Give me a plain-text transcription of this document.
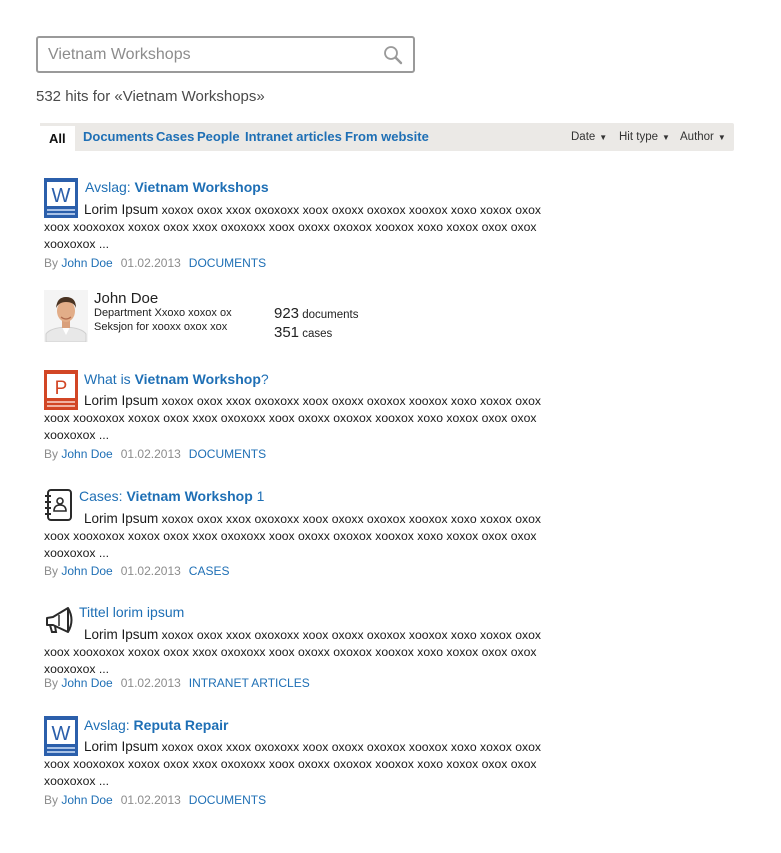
Vietnam Workshops
532 hits for «Vietnam Workshops»
All	Documents Cases People Intranet articles From website	Date ▼ Hit type ▼ Author ▼
W Avslag: Vietnam Workshops
Lorim Ipsum xoxox oxox xxox oxoxoxx xoox oxoxx oxoxox xooxox xoxo xoxox oxox xoox xooxoxox xoxox oxox xxox oxoxoxx xoox oxoxx oxoxox xooxox xoxo xoxox oxox oxox xooxoxox ...
By John Doe 01.02.2013 DOCUMENTS
John Doe
Department Xxoxo xoxox ox
Seksjon for xooxx oxox xox
923 documents
351 cases
P What is Vietnam Workshop?
Lorim Ipsum xoxox oxox xxox oxoxoxx xoox oxoxx oxoxox xooxox xoxo xoxox oxox xoox xooxoxox xoxox oxox xxox oxoxoxx xoox oxoxx oxoxox xooxox xoxo xoxox oxox oxox xooxoxox ...
By John Doe 01.02.2013 DOCUMENTS
Cases: Vietnam Workshop 1
Lorim Ipsum xoxox oxox xxox oxoxoxx xoox oxoxx oxoxox xooxox xoxo xoxox oxox xoox xooxoxox xoxox oxox xxox oxoxoxx xoox oxoxx oxoxox xooxox xoxo xoxox oxox oxox xooxoxox ...
By John Doe 01.02.2013 CASES
Tittel lorim ipsum
Lorim Ipsum xoxox oxox xxox oxoxoxx xoox oxoxx oxoxox xooxox xoxo xoxox oxox xoox xooxoxox xoxox oxox xxox oxoxoxx xoox oxoxx oxoxox xooxox xoxo xoxox oxox oxox xooxoxox ...
By John Doe 01.02.2013 INTRANET ARTICLES
W Avslag: Reputa Repair
Lorim Ipsum xoxox oxox xxox oxoxoxx xoox oxoxx oxoxox xooxox xoxo xoxox oxox xoox xooxoxox xoxox oxox xxox oxoxoxx xoox oxoxx oxoxox xooxox xoxo xoxox oxox oxox xooxoxox ...
By John Doe 01.02.2013 DOCUMENTS
